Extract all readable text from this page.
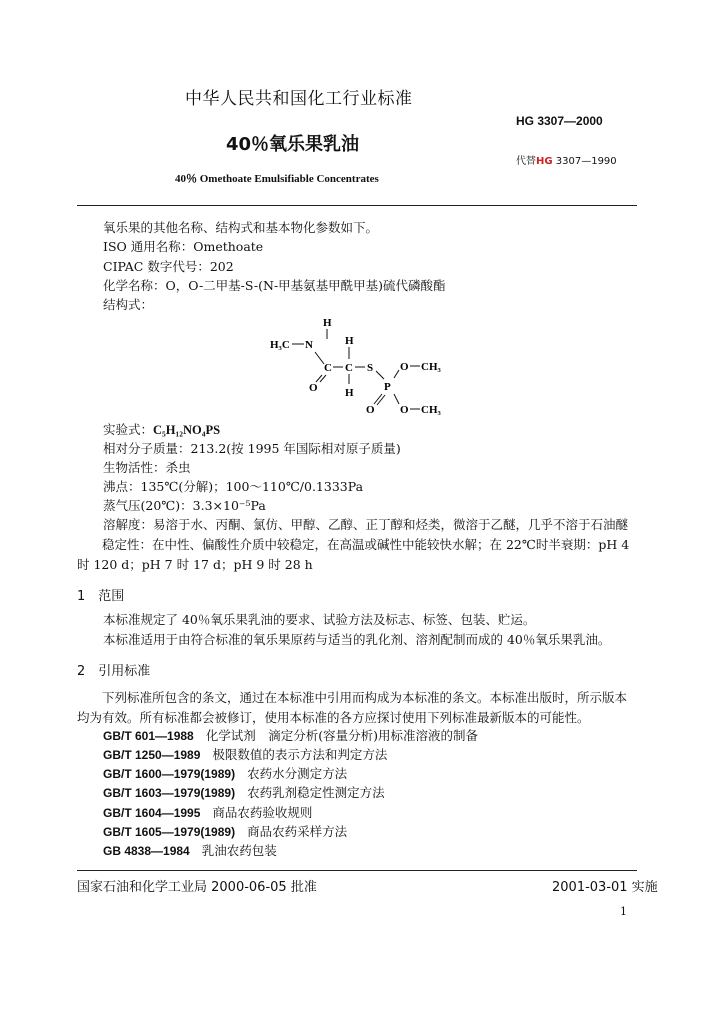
中华人民共和国化工行业标准
HG 3307—2000
40％氧乐果乳油
代替HG 3307—1990
40％ Omethoate Emulsifiable Concentrates
氧乐果的其他名称、结构式和基本物化参数如下。
ISO 通用名称：Omethoate
CIPAC 数字代号：202
化学名称：O，O-二甲基-S-(N-甲基氨基甲酰甲基)硫代磷酸酯
结构式：
H
H₃C N	H
C C S O CH₃
O H	P
O O CH₃
实验式：C₅H₁₂NO₄PS
相对分子质量：213.2(按 1995 年国际相对原子质量)
生物活性：杀虫
沸点：135℃(分解)；100～110℃/0.1333Pa
蒸气压(20℃)：3.3×10⁻⁵Pa
溶解度：易溶于水、丙酮、氯仿、甲醇、乙醇、正丁醇和烃类，微溶于乙醚，几乎不溶于石油醚
　　稳定性：在中性、偏酸性介质中较稳定，在高温或碱性中能较快水解；在 22℃时半衰期：pH 4 时 120 d；pH 7 时 17 d；pH 9 时 28 h
1　范围
本标准规定了 40％氧乐果乳油的要求、试验方法及标志、标签、包装、贮运。
本标准适用于由符合标准的氧乐果原药与适当的乳化剂、溶剂配制而成的 40％氧乐果乳油。
2　引用标准
　　下列标准所包含的条文，通过在本标准中引用而构成为本标准的条文。本标准出版时，所示版本均为有效。所有标准都会被修订，使用本标准的各方应探讨使用下列标准最新版本的可能性。
GB/T 601—1988 化学试剂　滴定分析(容量分析)用标准溶液的制备
GB/T 1250—1989 极限数值的表示方法和判定方法
GB/T 1600—1979(1989) 农药水分测定方法
GB/T 1603—1979(1989) 农药乳剂稳定性测定方法
GB/T 1604—1995 商品农药验收规则
GB/T 1605—1979(1989) 商品农药采样方法
GB 4838—1984 乳油农药包装
国家石油和化学工业局 2000-06-05 批准	2001-03-01 实施
1
